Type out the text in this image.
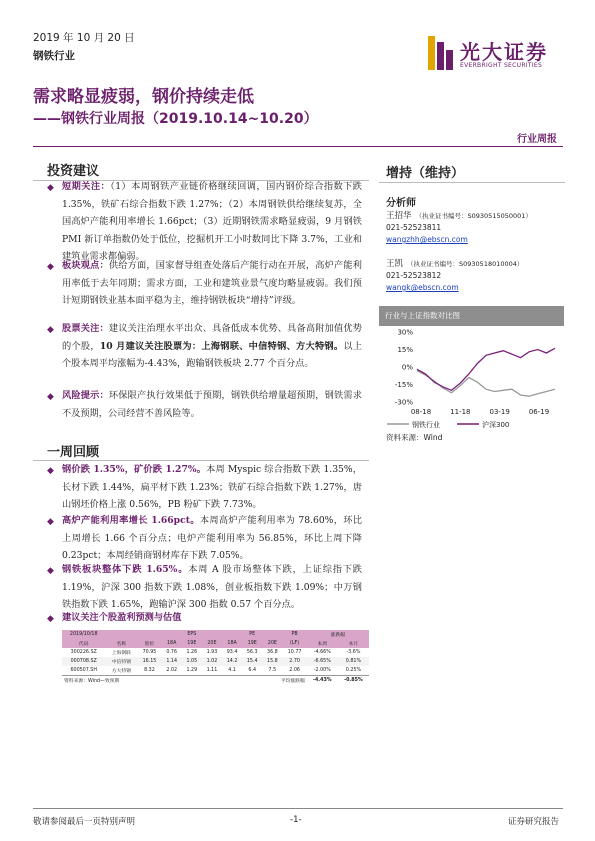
2019 年 10 月 20 日
钢铁行业	光大证券
EVERBRIGHT SECURITIES
需求略显疲弱，钢价持续走低
——钢铁行业周报（2019.10.14~10.20）
行业周报
投资建议
◆ 短期关注：（1）本周钢铁产业链价格继续回调，国内钢价综合指数下跌 1.35%，铁矿石综合指数下跌 1.27%；（2）本周钢铁供给继续复苏，全国高炉产能利用率增长 1.66pct；（3）近期钢铁需求略显疲弱，9 月钢铁 PMI 新订单指数仍处于低位，挖掘机开工小时数同比下降 3.7%，工业和建筑业需求都偏弱。
◆ 板块观点：供给方面，国家督导组查处落后产能行动在开展，高炉产能利用率低于去年同期；需求方面，工业和建筑业景气度均略显疲弱。我们预计短期钢铁业基本面平稳为主，维持钢铁板块“增持”评级。
◆ 股票关注：建议关注治理水平出众、具备低成本优势、具备高附加值优势的个股，10 月建议关注股票为：上海钢联、中信特钢、方大特钢。以上个股本周平均涨幅为-4.43%，跑输钢铁板块 2.77 个百分点。
◆ 风险提示：环保限产执行效果低于预期，钢铁供给增量超预期，钢铁需求不及预期，公司经营不善风险等。
一周回顾
◆ 钢价跌 1.35%，矿价跌 1.27%。本周 Myspic 综合指数下跌 1.35%，长材下跌 1.44%，扁平材下跌 1.23%；铁矿石综合指数下跌 1.27%，唐山钢坯价格上涨 0.56%，PB 粉矿下跌 7.73%。
◆ 高炉产能利用率增长 1.66pct。本周高炉产能利用率为 78.60%，环比上周增长 1.66 个百分点；电炉产能利用率为 56.85%，环比上周下降 0.23pct；本周经销商钢材库存下跌 7.05%。
◆ 钢铁板块整体下跌 1.65%。本周 A 股市场整体下跌，上证综指下跌 1.19%，沪深 300 指数下跌 1.08%，创业板指数下跌 1.09%；中万钢铁指数下跌 1.65%，跑输沪深 300 指数 0.57 个百分点。
◆ 建议关注个股盈利预测与估值
2019/10/18			EPS			PE			PB	涨跌幅	
代码	名称	股价	18A	19E	20E	18A	19E	20E	(LF)	本周	本月
300226.SZ	上海钢联	70.95	0.76	1.26	1.93	93.4	56.3	36.8	10.77	-4.66%	-3.6%
000708.SZ	中信特钢	16.15	1.14	1.05	1.02	14.2	15.4	15.8	2.70	-6.65%	0.81%
600507.SH	方大特钢	8.32	2.02	1.29	1.11	4.1	6.4	7.5	2.06	-2.00%	0.25%
资料来源：Wind—致预期					平均涨跌幅					-4.43%	-0.85%
增持（维持）
分析师
王招华 （执业证书编号：S0930515050001）
021-52523811
wangzhh@ebscn.com
王凯 （执业证书编号：S0930518010004）
021-52523812
wangk@ebscn.com
行业与上证指数对比图
30%
15%
0%
-15%
-30%
08-18	11-18	03-19	06-19
钢铁行业	沪深300
资料来源：Wind
敬请参阅最后一页特别声明	-1-	证券研究报告
